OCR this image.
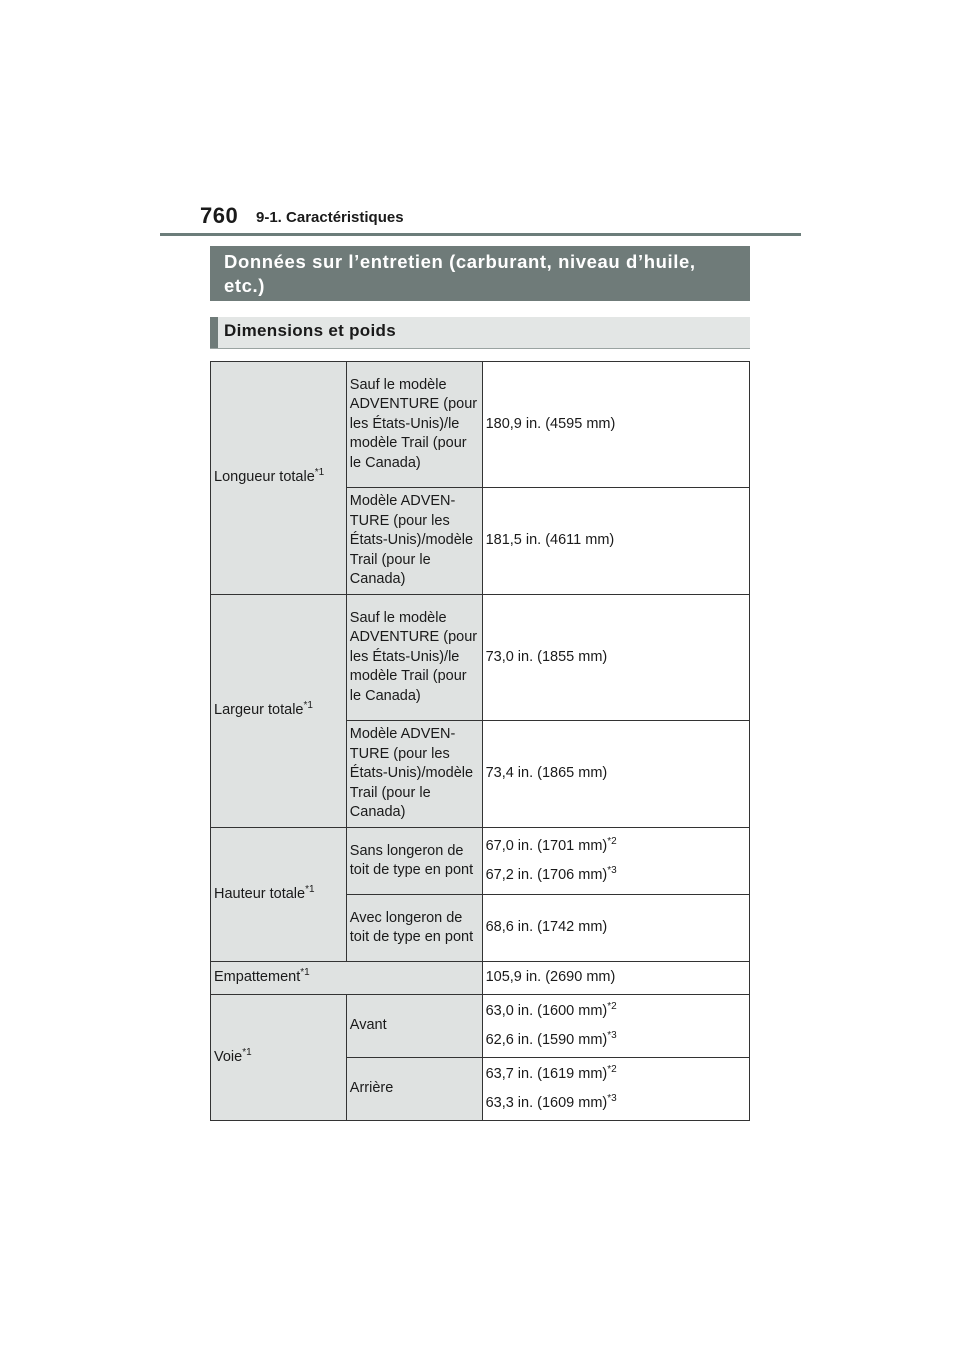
760 9-1. Caractéristiques
Données sur l’entretien (carburant, niveau d’huile, etc.)
Dimensions et poids
Longueur totale$^{*1}$	Sauf le modèle ADVENTURE (pour les États-Unis)/le modèle Trail (pour le Canada)	180,9 in. (4595 mm)

	Modèle ADVEN-TURE (pour les États-Unis)/modèle Trail (pour le Canada)	181,5 in. (4611 mm)

Largeur totale$^{*1}$	Sauf le modèle ADVENTURE (pour les États-Unis)/le modèle Trail (pour le Canada)	73,0 in. (1855 mm)

	Modèle ADVEN-TURE (pour les États-Unis)/modèle Trail (pour le Canada)	73,4 in. (1865 mm)

Hauteur totale$^{*1}$	Sans longeron de toit de type en pont	67,0 in. (1701 mm)$^{*2}$
67,2 in. (1706 mm)$^{*3}$

	Avec longeron de toit de type en pont	68,6 in. (1742 mm)

Empattement$^{*1}$		105,9 in. (2690 mm)

Voie$^{*1}$	Avant	63,0 in. (1600 mm)$^{*2}$
62,6 in. (1590 mm)$^{*3}$

	Arrière	63,7 in. (1619 mm)$^{*2}$
63,3 in. (1609 mm)$^{*3}$
